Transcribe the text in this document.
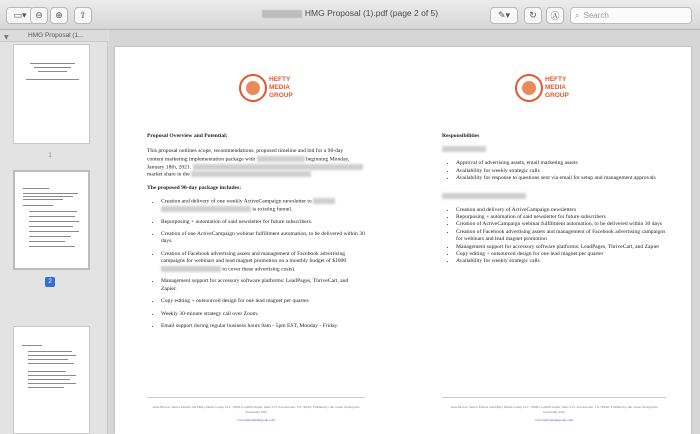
▭▾ ⊖ ⊕ ⇪	HMG Proposal (1).pdf (page 2 of 5)	✎▾ ↻ Ⓐ ⌕ Search
▼	HMG Proposal (1...
1
2
HEFTY
MEDIA
GROUP
HEFTY
MEDIA
GROUP
Proposal Overview and Potential:
This proposal outlines scope, recommendations, proposed timeline and bid for a 90-day
content marketing implementation package with	beginning Monday,
January 18th, 2021.
market share in the
The proposed 90-day package includes:
• Creation and delivery of one weekly ActiveCampaign newsletter to
is existing funnel.
• Repurposing + automation of said newsletter for future subscribers.
• Creation of one ActiveCampaign webinar fulfillment automation, to be delivered within 30 days.
• Creation of Facebook advertising assets and management of Facebook advertising campaigns for webinars and lead magnet promotion on a monthly budget of $1000  to cover these advertising costs).
• Management support for accessory software platforms: LeadPages, ThriveCart, and Zapier.
• Copy editing + outsourced design for one lead magnet per quarter.
• Weekly 30-minute strategy call over Zoom.
• Email support during regular business hours 9am - 5pm EST, Monday - Friday.
Responsibilities
• Approval of advertising assets, email marketing assets
• Availability for weekly strategic calls
• Availability for response to questions sent via email for setup and management approvals
• Creation and delivery of ActiveCampaign newsletters
• Repurposing + automation of said newsletter for future subscribers
• Creation of ActiveCampaign webinar fulfillment automation, to be delivered within 30 days
• Creation of Facebook advertising assets and management of Facebook advertising campaigns for webinars and lead magnet promotion
• Management support for accessory software platforms: LeadPages, ThriveCart, and Zapier
• Copy editing + outsourced design for one lead magnet per quarter
• Availability for weekly strategic calls
Jesse Brown, Senior Partner and Hefty Media Group LLC | 8000 Lockhill Selma, Suite 313, San Antonio, TX 78249 | Fulfilled by the owner through the Ownership Plan
www.heftymediagroup.com
Jesse Brown, Senior Partner and Hefty Media Group LLC | 8000 Lockhill Selma, Suite 313, San Antonio, TX 78249 | Fulfilled by the owner through the Ownership Plan
www.heftymediagroup.com
